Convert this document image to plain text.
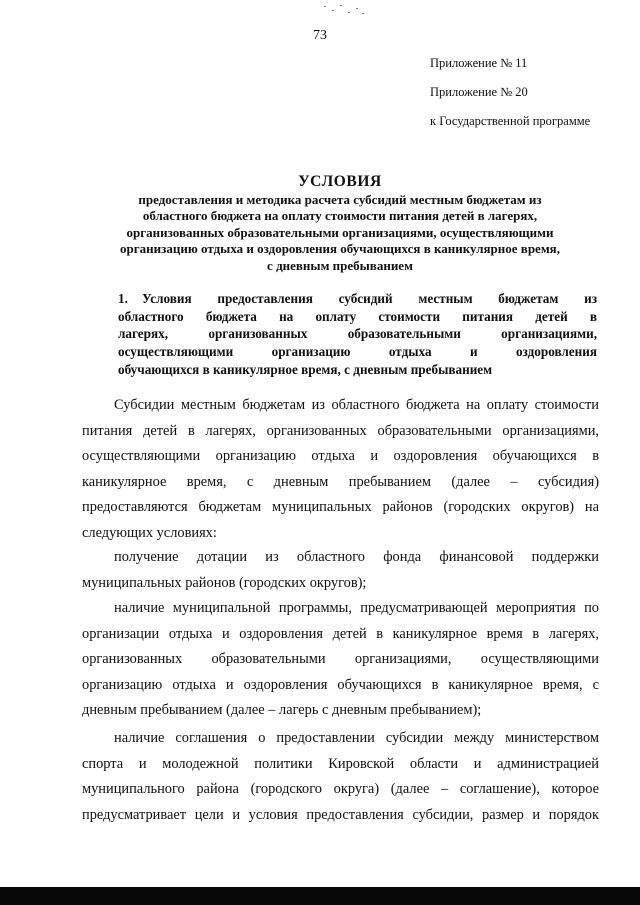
73
Приложение № 11
Приложение № 20
к Государственной программе
УСЛОВИЯ
предоставления и методика расчета субсидий местным бюджетам из
областного бюджета на оплату стоимости питания детей в лагерях,
организованных образовательными организациями, осуществляющими
организацию отдыха и оздоровления обучающихся в каникулярное время,
с дневным пребыванием
1. Условия предоставления субсидий местным бюджетам из
областного бюджета на оплату стоимости питания детей в
лагерях, организованных образовательными организациями,
осуществляющими организацию отдыха и оздоровления
обучающихся в каникулярное время, с дневным пребыванием
Субсидии местным бюджетам из областного бюджета на оплату стоимости
питания детей в лагерях, организованных образовательными организациями,
осуществляющими организацию отдыха и оздоровления обучающихся в
каникулярное время, с дневным пребыванием (далее – субсидия)
предоставляются бюджетам муниципальных районов (городских округов) на
следующих условиях:
получение дотации из областного фонда финансовой поддержки
муниципальных районов (городских округов);
наличие муниципальной программы, предусматривающей мероприятия по
организации отдыха и оздоровления детей в каникулярное время в лагерях,
организованных образовательными организациями, осуществляющими
организацию отдыха и оздоровления обучающихся в каникулярное время, с
дневным пребыванием (далее – лагерь с дневным пребыванием);
наличие соглашения о предоставлении субсидии между министерством
спорта и молодежной политики Кировской области и администрацией
муниципального района (городского округа) (далее – соглашение), которое
предусматривает цели и условия предоставления субсидии, размер и порядок
